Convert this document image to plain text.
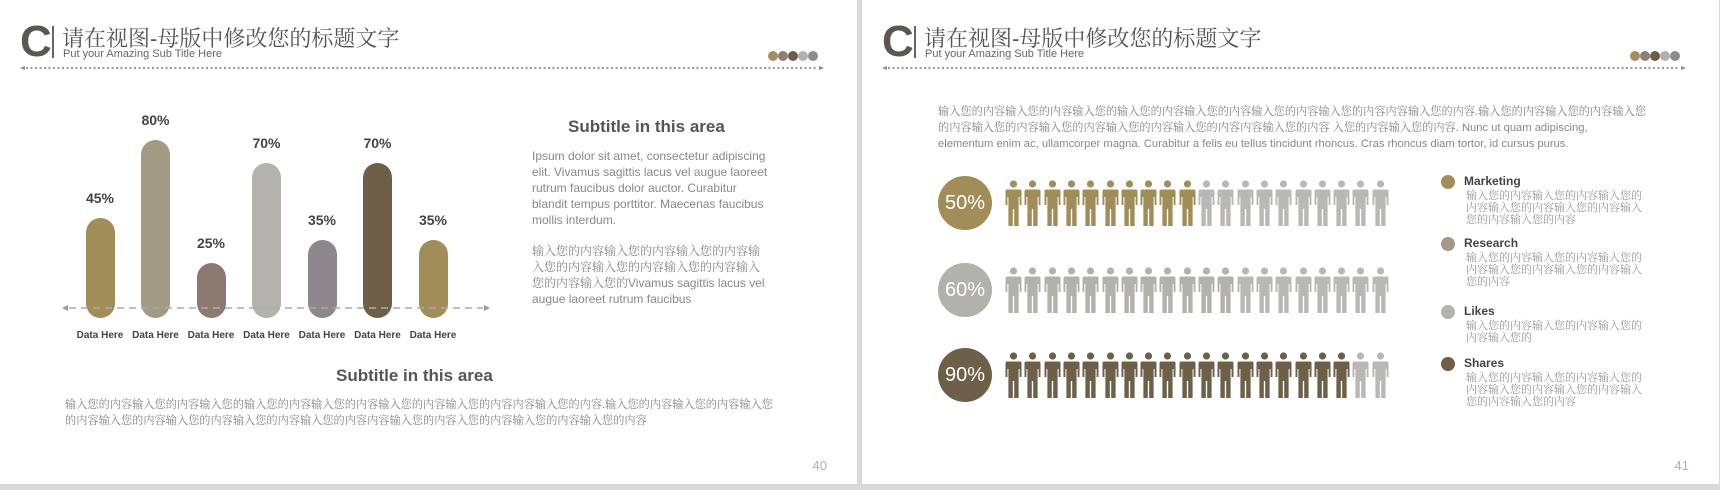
C 请在视图-母版中修改您的标题文字
Put your Amazing Sub Title Here
45%
Data Here
80%
Data Here
25%
Data Here
70%
Data Here
35%
Data Here
70%
Data Here
35%
Data Here
Subtitle in this area
Ipsum dolor sit amet, consectetur adipiscing elit. Vivamus sagittis lacus vel augue laoreet rutrum faucibus dolor auctor. Curabitur blandit tempus porttitor. Maecenas faucibus mollis interdum.
输入您的内容输入您的内容输入您的内容输入您的内容输入您的内容输入您的内容输入您的内容输入您的Vivamus sagittis lacus vel augue laoreet rutrum faucibus
Subtitle in this area
输入您的内容输入您的内容输入您的输入您的内容输入您的内容输入您的内容输入您的内容内容输入您的内容.输入您的内容输入您的内容输入您的内容输入您的内容输入您的内容输入您的内容输入您的内容内容输入您的内容入您的内容输入您的内容输入您的内容
40
C 请在视图-母版中修改您的标题文字
Put your Amazing Sub Title Here
输入您的内容输入您的内容输入您的输入您的内容输入您的内容输入您的内容输入您的内容内容输入您的内容.输入您的内容输入您的内容输入您的内容输入您的内容输入您的内容输入您的内容输入您的内容内容输入您的内容 入您的内容输入您的内容. Nunc ut quam adipiscing, elementum enim ac, ullamcorper magna. Curabitur a felis eu tellus tincidunt rhoncus. Cras rhoncus diam tortor, id cursus purus.
50%
60%
90%
Marketing
输入您的内容输入您的内容输入您的内容输入您的内容输入您的内容输入您的内容输入您的内容
Research
输入您的内容输入您的内容输入您的内容输入您的内容输入您的内容输入您的内容
Likes
输入您的内容输入您的内容输入您的内容输入您的
Shares
输入您的内容输入您的内容输入您的内容输入您的内容输入您的内容输入您的内容输入您的内容
41
